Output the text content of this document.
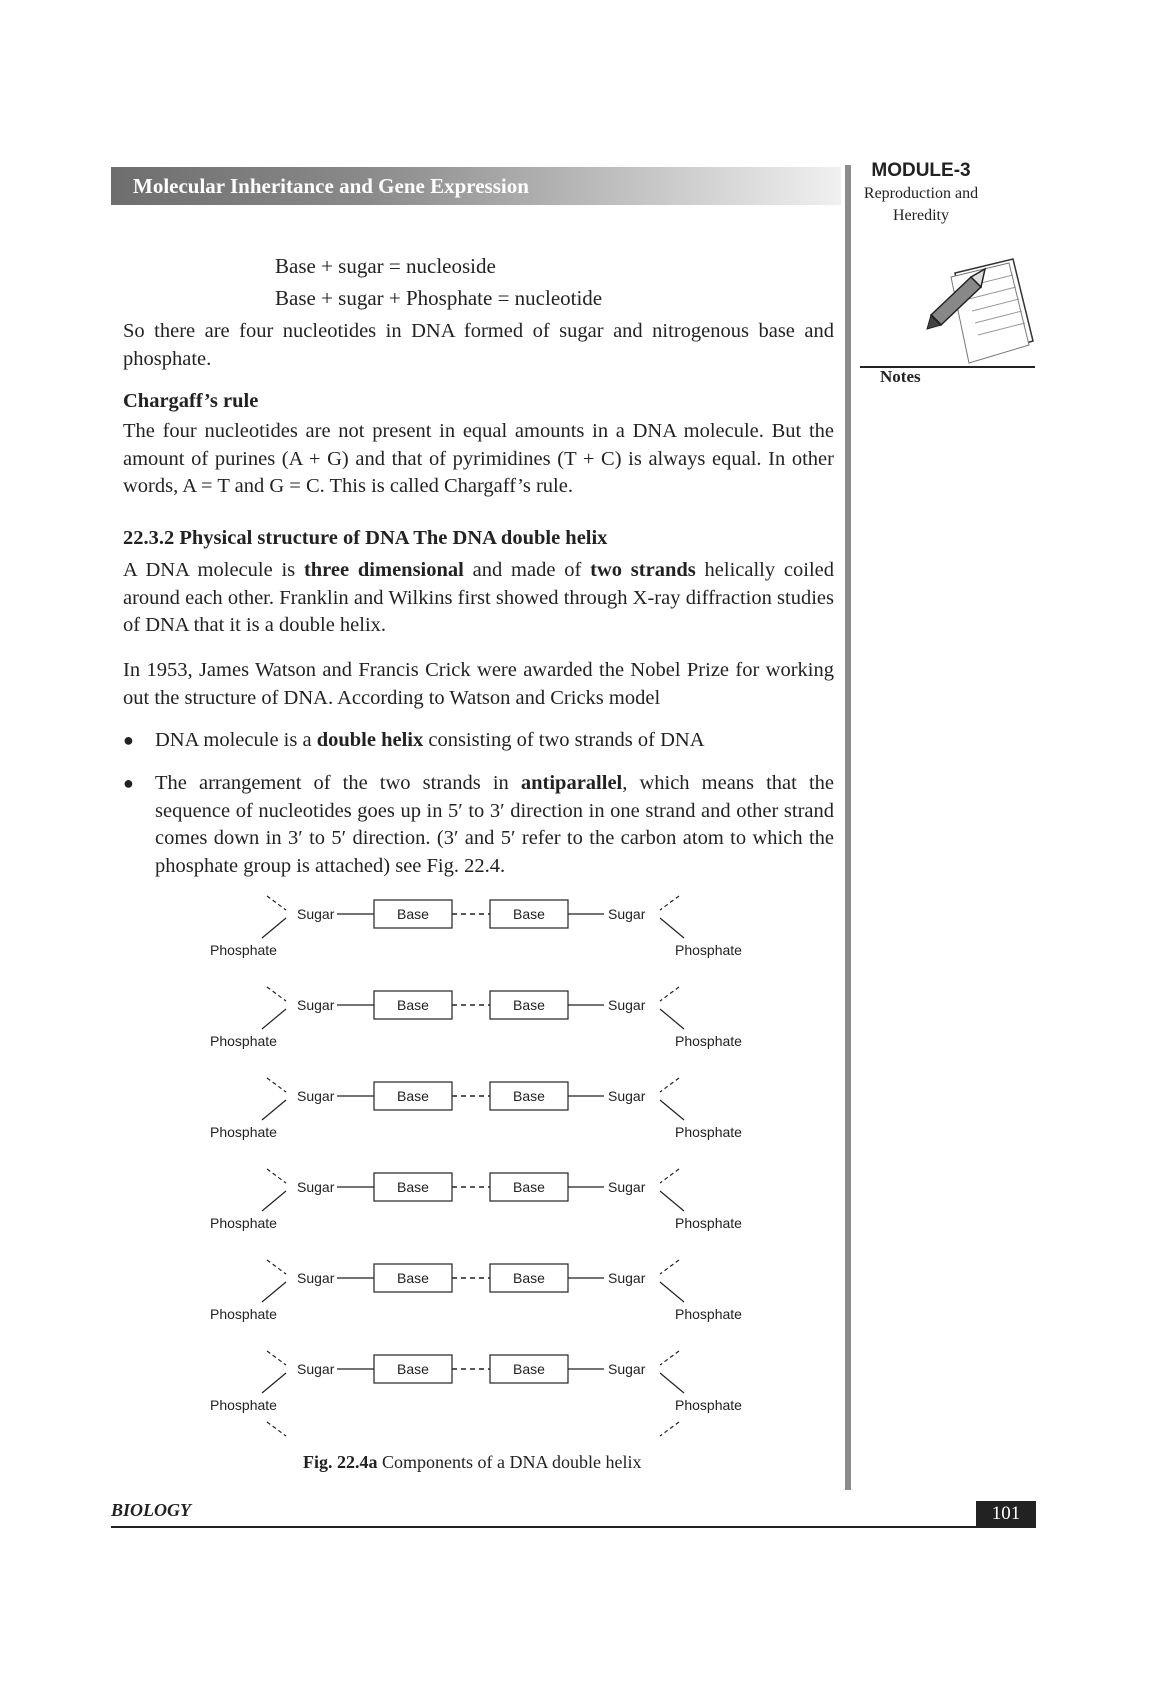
Molecular Inheritance and Gene Expression
MODULE-3
Reproduction and
Heredity
Notes
Base + sugar = nucleoside
Base + sugar + Phosphate = nucleotide

So there are four nucleotides in DNA formed of sugar and nitrogenous base and phosphate.

Chargaff’s rule

The four nucleotides are not present in equal amounts in a DNA molecule. But the amount of purines (A + G) and that of pyrimidines (T + C) is always equal. In other words, A = T and G = C. This is called Chargaff’s rule.

22.3.2 Physical structure of DNA The DNA double helix

A DNA molecule is three dimensional and made of two strands helically coiled around each other. Franklin and Wilkins first showed through X-ray diffraction studies of DNA that it is a double helix.

In 1953, James Watson and Francis Crick were awarded the Nobel Prize for working out the structure of DNA. According to Watson and Cricks model

● DNA molecule is a double helix consisting of two strands of DNA

● The arrangement of the two strands in antiparallel, which means that the sequence of nucleotides goes up in 5′ to 3′ direction in one strand and other strand comes down in 3′ to 5′ direction. (3′ and 5′ refer to the carbon atom to which the phosphate group is attached) see Fig. 22.4.

Sugar	Sugar
Base	Base
Phosphate	Phosphate
Sugar	Sugar
Base	Base
Phosphate	Phosphate
Sugar	Sugar
Base	Base
Phosphate	Phosphate
Sugar	Sugar
Base	Base
Phosphate	Phosphate
Sugar	Sugar
Base	Base
Phosphate	Phosphate
Sugar	Sugar
Base	Base
Phosphate	Phosphate
Fig. 22.4a Components of a DNA double helix
BIOLOGY	101
